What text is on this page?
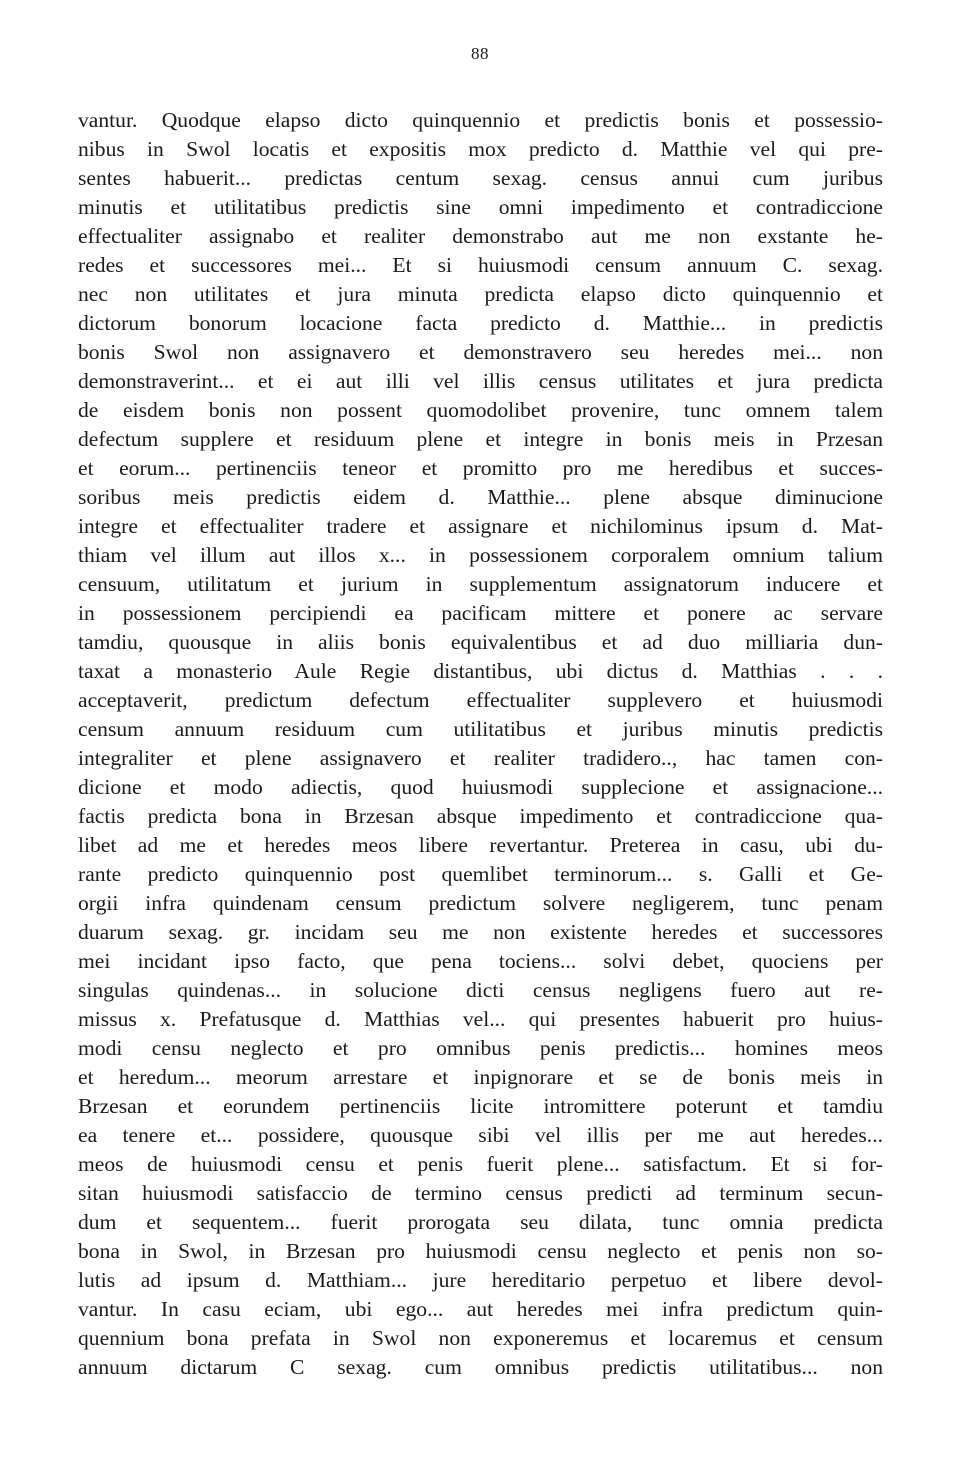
88
vantur. Quodque elapso dicto quinquennio et predictis bonis et possessio-
nibus in Swol locatis et expositis mox predicto d. Matthie vel qui pre-
sentes habuerit... predictas centum sexag. census annui cum juribus
minutis et utilitatibus predictis sine omni impedimento et contradiccione
effectualiter assignabo et realiter demonstrabo aut me non exstante he-
redes et successores mei... Et si huiusmodi censum annuum C. sexag.
nec non utilitates et jura minuta predicta elapso dicto quinquennio et
dictorum bonorum locacione facta predicto d. Matthie... in predictis
bonis Swol non assignavero et demonstravero seu heredes mei... non
demonstraverint... et ei aut illi vel illis census utilitates et jura predicta
de eisdem bonis non possent quomodolibet provenire, tunc omnem talem
defectum supplere et residuum plene et integre in bonis meis in Przesan
et eorum... pertinenciis teneor et promitto pro me heredibus et succes-
soribus meis predictis eidem d. Matthie... plene absque diminucione
integre et effectualiter tradere et assignare et nichilominus ipsum d. Mat-
thiam vel illum aut illos x... in possessionem corporalem omnium talium
censuum, utilitatum et jurium in supplementum assignatorum inducere et
in possessionem percipiendi ea pacificam mittere et ponere ac servare
tamdiu, quousque in aliis bonis equivalentibus et ad duo milliaria dun-
taxat a monasterio Aule Regie distantibus, ubi dictus d. Matthias . . .
acceptaverit, predictum defectum effectualiter supplevero et huiusmodi
censum annuum residuum cum utilitatibus et juribus minutis predictis
integraliter et plene assignavero et realiter tradidero.., hac tamen con-
dicione et modo adiectis, quod huiusmodi supplecione et assignacione...
factis predicta bona in Brzesan absque impedimento et contradiccione qua-
libet ad me et heredes meos libere revertantur. Preterea in casu, ubi du-
rante predicto quinquennio post quemlibet terminorum... s. Galli et Ge-
orgii infra quindenam censum predictum solvere negligerem, tunc penam
duarum sexag. gr. incidam seu me non existente heredes et successores
mei incidant ipso facto, que pena tociens... solvi debet, quociens per
singulas quindenas... in solucione dicti census negligens fuero aut re-
missus x. Prefatusque d. Matthias vel... qui presentes habuerit pro huius-
modi censu neglecto et pro omnibus penis predictis... homines meos
et heredum... meorum arrestare et inpignorare et se de bonis meis in
Brzesan et eorundem pertinenciis licite intromittere poterunt et tamdiu
ea tenere et... possidere, quousque sibi vel illis per me aut heredes...
meos de huiusmodi censu et penis fuerit plene... satisfactum. Et si for-
sitan huiusmodi satisfaccio de termino census predicti ad terminum secun-
dum et sequentem... fuerit prorogata seu dilata, tunc omnia predicta
bona in Swol, in Brzesan pro huiusmodi censu neglecto et penis non so-
lutis ad ipsum d. Matthiam... jure hereditario perpetuo et libere devol-
vantur. In casu eciam, ubi ego... aut heredes mei infra predictum quin-
quennium bona prefata in Swol non exponeremus et locaremus et censum
annuum dictarum C sexag. cum omnibus predictis utilitatibus... non
